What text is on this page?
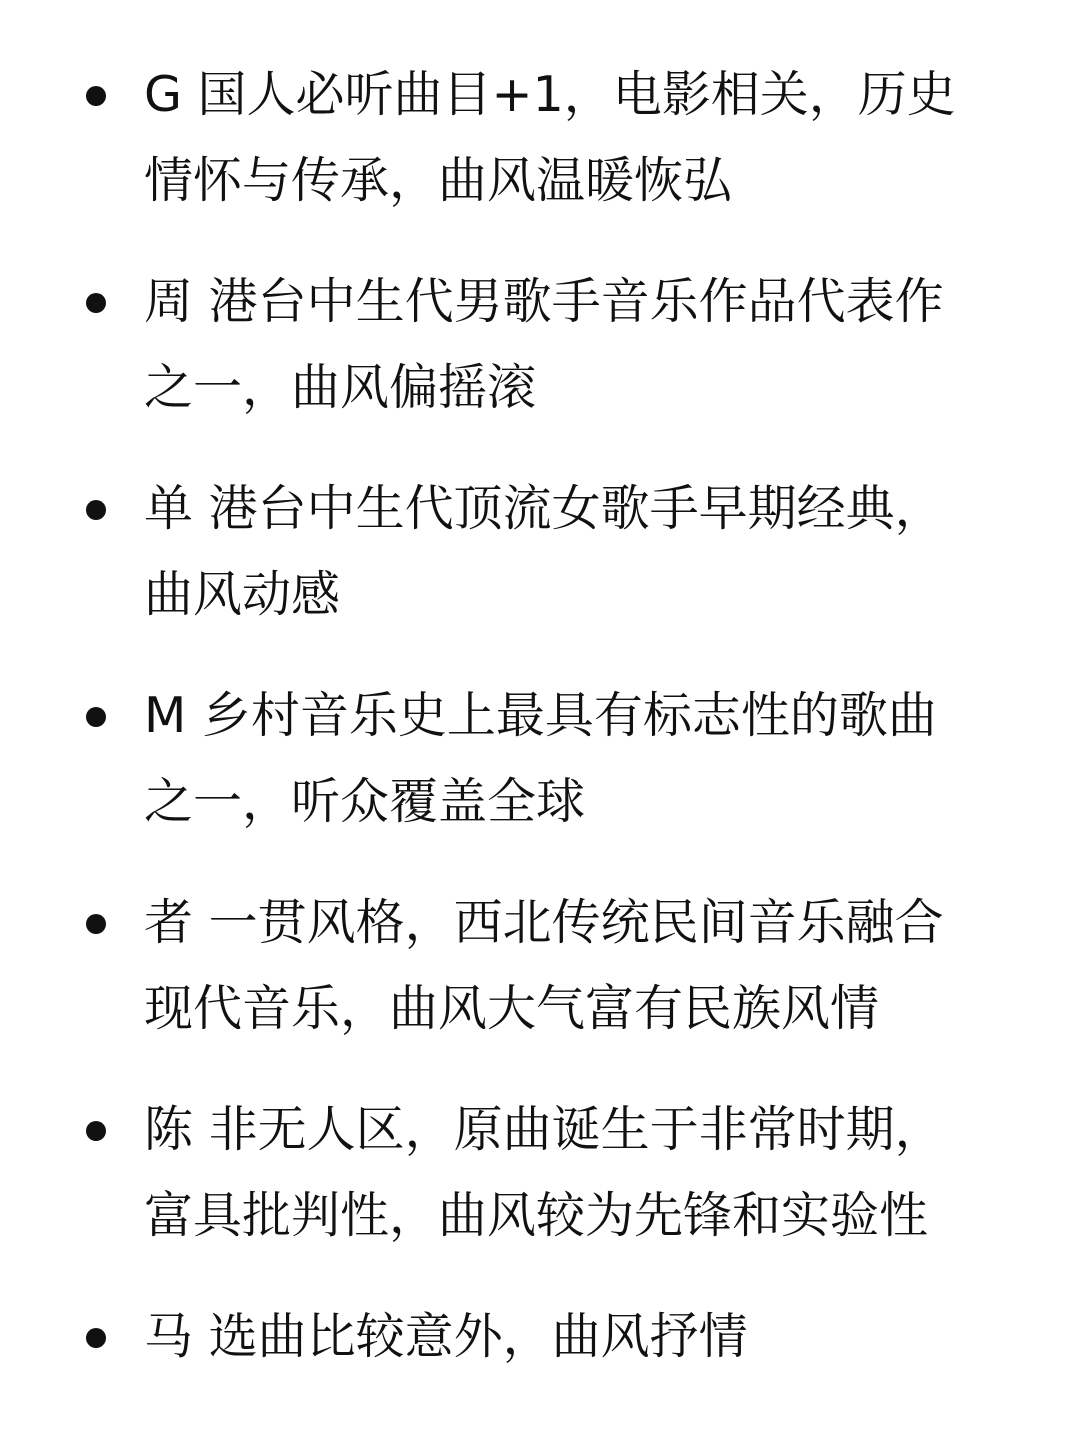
G 国人必听曲目+1，电影相关，历史情怀与传承，曲风温暖恢弘
周 港台中生代男歌手音乐作品代表作之一，曲风偏摇滚
单 港台中生代顶流女歌手早期经典，曲风动感
M 乡村音乐史上最具有标志性的歌曲之一，听众覆盖全球
者 一贯风格，西北传统民间音乐融合现代音乐，曲风大气富有民族风情
陈 非无人区，原曲诞生于非常时期，富具批判性，曲风较为先锋和实验性
马 选曲比较意外，曲风抒情
